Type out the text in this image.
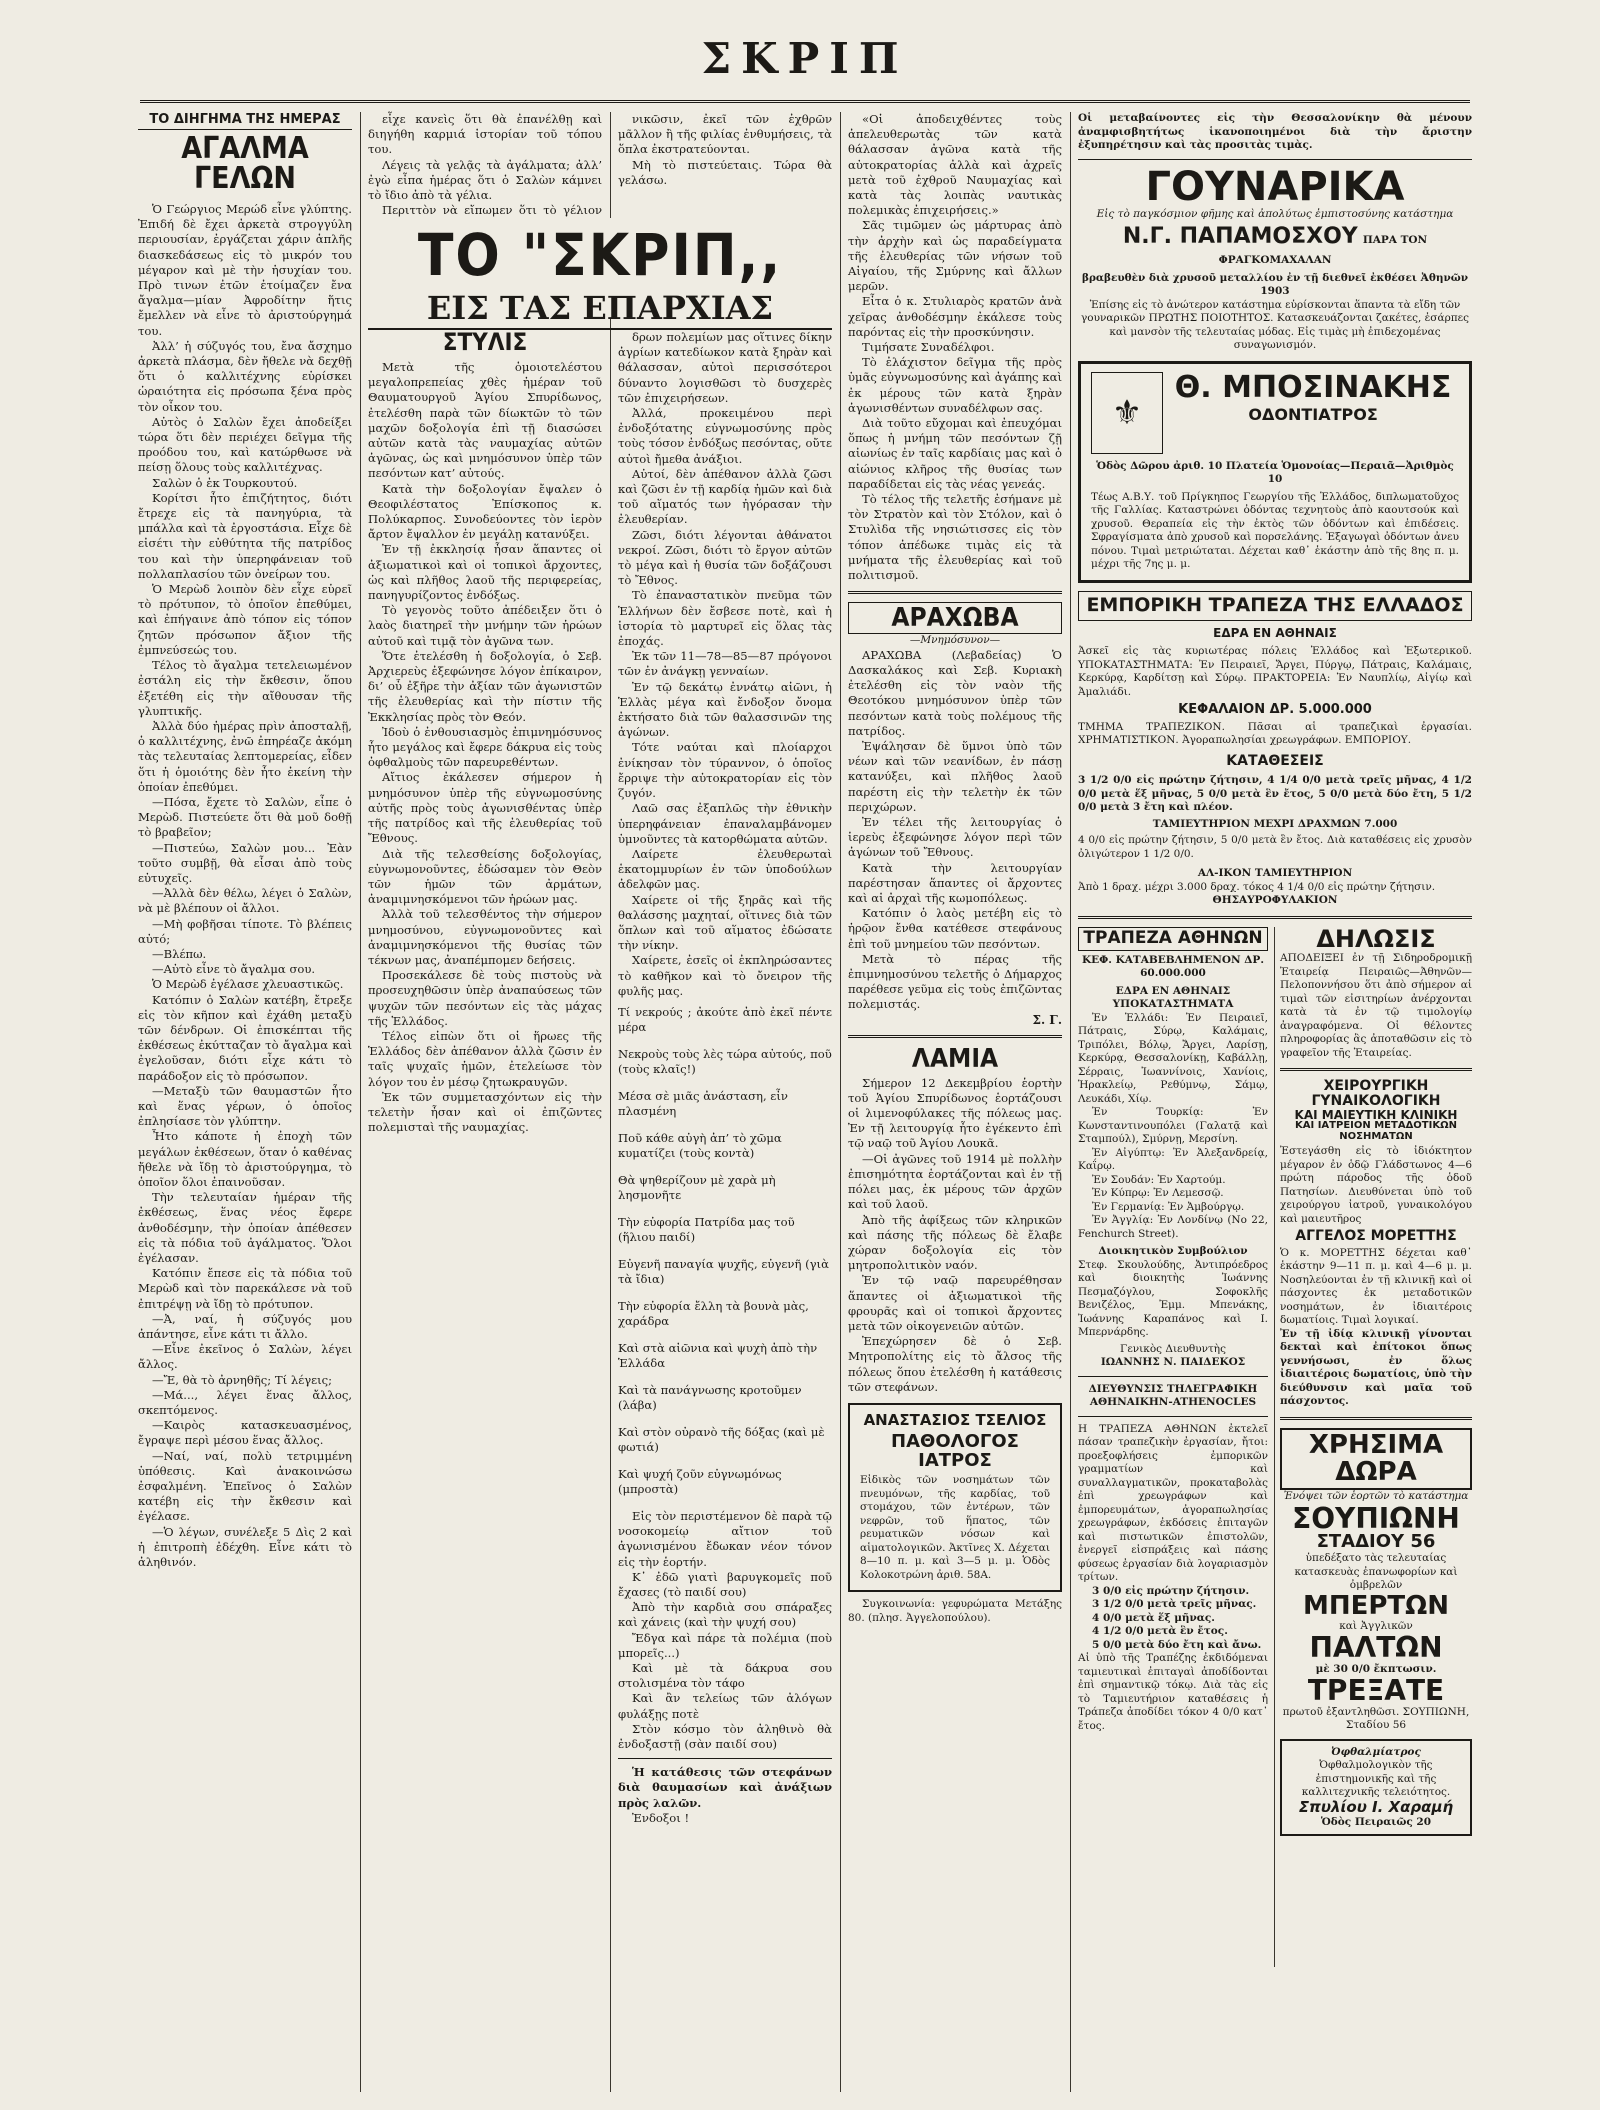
ΣΚΡΙΠ
ΤΟ ΔΙΗΓΗΜΑ ΤΗΣ ΗΜΕΡΑΣ
ΑΓΑΛΜΑ ΓΕΛΩΝ

Ὁ Γεώργιος Μερώδ εἶνε γλύπτης. Ἐπιδή δὲ ἔχει ἀρκετὰ στρογγύλη περιουσίαν, ἐργάζεται χάριν ἁπλῆς διασκεδάσεως εἰς τὸ μικρόν του μέγαρον καὶ μὲ τὴν ἡσυχίαν του. Πρὸ τινων ἐτῶν ἐτοίμαζεν ἔνα ἄγαλμα—μίαν Ἀφροδίτην ἥτις ἔμελλεν νὰ εἶνε τὸ ἀριστούργημά του.

Ἀλλ’ ἡ σύζυγός του, ἔνα ἄσχημο ἀρκετὰ πλάσμα, δὲν ἤθελε νὰ δεχθῇ ὅτι ὁ καλλιτέχνης εὑρίσκει ὡραιότητα εἰς πρόσωπα ξένα πρὸς τὸν οἶκον του.

Αὐτὸς ὁ Σαλὼν ἔχει ἀποδείξει τώρα ὅτι δὲν περιέχει δεῖγμα τῆς προόδου του, καὶ κατώρθωσε νὰ πείσῃ ὅλους τοὺς καλλιτέχνας.

Σαλὼν ὁ ἐκ Τουρκουτού.

Κορίτσι ἦτο ἐπιζήτητος, διότι ἔτρεχε εἰς τὰ πανηγύρια, τὰ μπάλλα καὶ τὰ ἐργοστάσια. Εἶχε δὲ εἰσέτι τὴν εὐθύτητα τῆς πατρίδος του καὶ τὴν ὑπερηφάνειαν τοῦ πολλαπλασίου τῶν ὀνείρων του.

Ὁ Μερὼδ λοιπὸν δὲν εἶχε εὑρεῖ τὸ πρότυπον, τὸ ὁποῖον ἐπεθύμει, καὶ ἐπήγαινε ἀπὸ τόπον εἰς τόπον ζητῶν πρόσωπον ἄξιον τῆς ἐμπνεύσεώς του.

Τέλος τὸ ἄγαλμα τετελειωμένον ἐστάλη εἰς τὴν ἔκθεσιν, ὅπου ἐξετέθη εἰς τὴν αἴθουσαν τῆς γλυπτικῆς.

Ἀλλὰ δύο ἡμέρας πρὶν ἀποσταλῇ, ὁ καλλιτέχνης, ἐνῶ ἐπηρέαζε ἀκόμη τὰς τελευταίας λεπτομερείας, εἶδεν ὅτι ἡ ὁμοιότης δὲν ἦτο ἐκείνη τὴν ὁποίαν ἐπεθύμει.

—Πόσα, ἔχετε τὸ Σαλὼν, εἶπε ὁ Μερὼδ. Πιστεύετε ὅτι θὰ μοῦ δοθῇ τὸ βραβεῖον;

—Πιστεύω, Σαλὼν μου... Ἐὰν τοῦτο συμβῇ, θὰ εἶσαι ἀπὸ τοὺς εὐτυχεῖς.

—Ἀλλὰ δὲν θέλω, λέγει ὁ Σαλὼν, νὰ μὲ βλέπουν οἱ ἄλλοι.

—Μὴ φοβῆσαι τίποτε. Τὸ βλέπεις αὐτό;

—Βλέπω.

—Αὐτὸ εἶνε τὸ ἄγαλμα σου.

Ὁ Μερὼδ ἐγέλασε χλευαστικῶς.

Κατόπιν ὁ Σαλὼν κατέβη, ἔτρεξε εἰς τὸν κῆπον καὶ ἐχάθη μεταξὺ τῶν δένδρων. Οἱ ἐπισκέπται τῆς ἐκθέσεως ἐκύτταζαν τὸ ἄγαλμα καὶ ἐγελοῦσαν, διότι εἶχε κάτι τὸ παράδοξον εἰς τὸ πρόσωπον.

—Μεταξὺ τῶν θαυμαστῶν ἦτο καὶ ἕνας γέρων, ὁ ὁποῖος ἐπλησίασε τὸν γλύπτην.

Ἦτο κάποτε ἡ ἐποχὴ τῶν μεγάλων ἐκθέσεων, ὅταν ὁ καθένας ἤθελε νὰ ἴδῃ τὸ ἀριστούργημα, τὸ ὁποῖον ὅλοι ἐπαινοῦσαν.

Τὴν τελευταίαν ἡμέραν τῆς ἐκθέσεως, ἕνας νέος ἔφερε ἀνθοδέσμην, τὴν ὁποίαν ἀπέθεσεν εἰς τὰ πόδια τοῦ ἀγάλματος. Ὅλοι ἐγέλασαν.

Κατόπιν ἔπεσε εἰς τὰ πόδια τοῦ Μερὼδ καὶ τὸν παρεκάλεσε νὰ τοῦ ἐπιτρέψῃ νὰ ἴδῃ τὸ πρότυπον.

—Ἀ, ναί, ἡ σύζυγός μου ἀπάντησε, εἶνε κάτι τι ἄλλο.

—Εἶνε ἐκεῖνος ὁ Σαλὼν, λέγει ἄλλος.

—Ἔ, θὰ τὸ ἀρνηθῆς; Τί λέγεις;

—Μά..., λέγει ἕνας ἄλλος, σκεπτόμενος.

—Καιρὸς κατασκευασμένος, ἔγραψε περὶ μέσου ἕνας ἄλλος.

—Ναί, ναί, πολὺ τετριμμένη ὑπόθεσις. Καὶ ἀνακοινώσω ἐσφαλμένη. Ἐπεῖνος ὁ Σαλὼν κατέβη εἰς τὴν ἔκθεσιν καὶ ἐγέλασε.

—Ὁ λέγων, συνέλεξε 5 Δὶς 2 καὶ ἡ ἐπιτροπὴ ἐδέχθη. Εἶνε κάτι τὸ ἀληθινόν.

εἶχε κανεὶς ὅτι θὰ ἐπανέλθῃ καὶ διηγήθη καρμιά ἱστορίαν τοῦ τόπου του.

Λέγεις τὰ γελᾷς τὰ ἀγάλματα; ἀλλ’ ἐγὼ εἶπα ἡμέρας ὅτι ὁ Σαλὼν κάμνει τὸ ἴδιο ἀπὸ τὰ γέλια.

Περιττὸν νὰ εἴπωμεν ὅτι τὸ γέλιον

νικῶσιν, ἐκεῖ τῶν ἐχθρῶν μᾶλλον ἢ τῆς φιλίας ἐνθυμήσεις, τὰ ὅπλα ἐκστρατεύονται.

Μὴ τὸ πιστεύεταις. Τώρα θὰ γελάσω.

ΤΟ "ΣΚΡΙΠ,,
ΕΙΣ ΤΑΣ ΕΠΑΡΧΙΑΣ
ΣΤΥΛΙΣ

Μετὰ τῆς ὁμοιοτελέστου μεγαλοπρεπείας χθὲς ἡμέραν τοῦ Θαυματουργοῦ Ἁγίου Σπυρίδωνος, ἐτελέσθη παρὰ τῶν δίωκτῶν τὸ τῶν μαχῶν δοξολογία ἐπὶ τῇ διασώσει αὐτῶν κατὰ τὰς ναυμαχίας αὐτῶν ἀγῶνας, ὡς καὶ μνημόσυνον ὑπὲρ τῶν πεσόντων κατ’ αὐτούς.

Κατὰ τὴν δοξολογίαν ἔψαλεν ὁ Θεοφιλέστατος Ἐπίσκοπος κ. Πολύκαρπος. Συνοδεύοντες τὸν ἱερὸν ἄρτον ἔψαλλον ἐν μεγάλῃ κατανύξει.

Ἐν τῇ ἐκκλησίᾳ ἦσαν ἅπαντες οἱ ἀξιωματικοὶ καὶ οἱ τοπικοὶ ἄρχοντες, ὡς καὶ πλῆθος λαοῦ τῆς περιφερείας, πανηγυρίζοντος ἐνδόξως.

Τὸ γεγονὸς τοῦτο ἀπέδειξεν ὅτι ὁ λαὸς διατηρεῖ τὴν μνήμην τῶν ἡρώων αὐτοῦ καὶ τιμᾷ τὸν ἀγῶνα των.

Ὅτε ἐτελέσθη ἡ δοξολογία, ὁ Σεβ. Ἀρχιερεὺς ἐξεφώνησε λόγον ἐπίκαιρον, δι’ οὗ ἐξῆρε τὴν ἀξίαν τῶν ἀγωνιστῶν τῆς ἐλευθερίας καὶ τὴν πίστιν τῆς Ἐκκλησίας πρὸς τὸν Θεόν.

Ἰδοὺ ὁ ἐνθουσιασμὸς ἐπιμνημόσυνος ἦτο μεγάλος καὶ ἔφερε δάκρυα εἰς τοὺς ὀφθαλμοὺς τῶν παρευρεθέντων.

Αἴτιος ἐκάλεσεν σήμερον ἡ μνημόσυνον ὑπὲρ τῆς εὐγνωμοσύνης αὐτῆς πρὸς τοὺς ἀγωνισθέντας ὑπὲρ τῆς πατρίδος καὶ τῆς ἐλευθερίας τοῦ Ἔθνους.

Διὰ τῆς τελεσθείσης δοξολογίας, εὐγνωμονοῦντες, ἐδώσαμεν τὸν Θεὸν τῶν ἡμῶν τῶν ἀρμάτων, ἀναμιμνησκόμενοι τῶν ἡρώων μας.

Ἀλλὰ τοῦ τελεσθέντος τὴν σήμερον μνημοσύνου, εὐγνωμονοῦντες καὶ ἀναμιμνησκόμενοι τῆς θυσίας τῶν τέκνων μας, ἀναπέμπομεν δεήσεις.

Προσεκάλεσε δὲ τοὺς πιστοὺς νὰ προσευχηθῶσιν ὑπὲρ ἀναπαύσεως τῶν ψυχῶν τῶν πεσόντων εἰς τὰς μάχας τῆς Ἑλλάδος.

Τέλος εἰπὼν ὅτι οἱ ἥρωες τῆς Ἑλλάδος δὲν ἀπέθανον ἀλλὰ ζῶσιν ἐν ταῖς ψυχαῖς ἡμῶν, ἐτελείωσε τὸν λόγον του ἐν μέσῳ ζητωκραυγῶν.

Ἐκ τῶν συμμετασχόντων εἰς τὴν τελετὴν ἦσαν καὶ οἱ ἐπιζῶντες πολεμισταὶ τῆς ναυμαχίας.

δρων πολεμίων μας οἵτινες δίκην ἀγρίων κατεδίωκον κατὰ ξηρὰν καὶ θάλασσαν, αὐτοὶ περισσότεροι δύναντο λογισθῶσι τὸ δυσχερὲς τῶν ἐπιχειρήσεων.

Ἀλλά, προκειμένου περὶ ἐνδοξότατης εὐγνωμοσύνης πρὸς τοὺς τόσον ἐνδόξως πεσόντας, οὔτε αὐτοὶ ἤμεθα ἀνάξιοι.

Αὐτοί, δὲν ἀπέθανον ἀλλὰ ζῶσι καὶ ζῶσι ἐν τῇ καρδίᾳ ἡμῶν καὶ διὰ τοῦ αἵματός των ἠγόρασαν τὴν ἐλευθερίαν.

Ζῶσι, διότι λέγονται ἀθάνατοι νεκροί. Ζῶσι, διότι τὸ ἔργον αὐτῶν τὸ μέγα καὶ ἡ θυσία τῶν δοξάζουσι τὸ Ἔθνος.

Τὸ ἐπαναστατικὸν πνεῦμα τῶν Ἑλλήνων δὲν ἔσβεσε ποτὲ, καὶ ἡ ἱστορία τὸ μαρτυρεῖ εἰς ὅλας τὰς ἐποχάς.

Ἐκ τῶν 11—78—85—87 πρόγονοι τῶν ἐν ἀνάγκῃ γενναίων.

Ἐν τῷ δεκάτῳ ἐννάτῳ αἰῶνι, ἡ Ἑλλὰς μέγα καὶ ἔνδοξον ὄνομα ἐκτήσατο διὰ τῶν θαλασσινῶν της ἀγώνων.

Τότε ναύται καὶ πλοίαρχοι ἐνίκησαν τὸν τύραννον, ὁ ὁποῖος ἔρριψε τὴν αὐτοκρατορίαν εἰς τὸν ζυγόν.

Λαῶ σας ἐξαπλῶς τὴν ἐθνικὴν ὑπερηφάνειαν ἐπαναλαμβάνομεν ὑμνοῦντες τὰ κατορθώματα αὐτῶν.

Λαίρετε ἐλευθερωταὶ ἑκατομμυρίων ἐν τῶν ὑποδούλων ἀδελφῶν μας.

Χαίρετε οἱ τῆς ξηρᾶς καὶ τῆς θαλάσσης μαχηταί, οἵτινες διὰ τῶν ὅπλων καὶ τοῦ αἵματος ἐδώσατε τὴν νίκην.

Χαίρετε, ἐσεῖς οἱ ἐκπληρώσαντες τὸ καθῆκον καὶ τὸ ὄνειρον τῆς φυλῆς μας.

Τί νεκρούς ; ἀκούτε ἀπὸ ἐκεῖ πέντε μέρα

Νεκροὺς τοὺς λὲς τώρα αὐτούς, ποῦ (τοὺς κλαῖς!)

Μέσα σὲ μιᾶς ἀνάσταση, εἶν πλασμένη

Ποῦ κάθε αὐγὴ ἀπ’ τὸ χῶμα κυματίζει (τοὺς κοντὰ)

Θὰ ψηθερίζουν μὲ χαρὰ μὴ λησμονῆτε

Τὴν εὐφορία Πατρίδα μας τοῦ (ἥλιου παιδί)

Εὐγενῆ παναγία ψυχῆς, εὐγενῆ (γιὰ τὰ ἴδια)

Τὴν εὐφορία ἔλλη τὰ βουνὰ μὰς, χαράδρα

Καὶ στὰ αἰῶνια καὶ ψυχὴ ἀπὸ τὴν Ἑλλάδα

Καὶ τὰ πανάγνωσης κροτοῦμεν (λάβα)

Καὶ στὸν οὐρανὸ τῆς δόξας (καὶ μὲ φωτιά)

Καὶ ψυχή ζοῦν εὐγνωμόνως (μπροστὰ)

Εἰς τὸν περιστέμενον δὲ παρὰ τῷ νοσοκομείῳ αἴτιον τοῦ ἀγωνισμένου ἔδωκαν νέον τόνον εἰς τὴν ἑορτήν.

Κ᾽ ἐδῶ γιατὶ βαρυγκομεῖς ποῦ ἔχασες (τὸ παιδί σου)

Ἀπὸ τὴν καρδιὰ σου σπάραξες καὶ χάνεις (καὶ τὴν ψυχή σου)

Ἔδγα καὶ πάρε τὰ πολέμια (ποὺ μπορεῖς...)

Καὶ μὲ τὰ δάκρυα σου στολισμένα τὸν τάφο

Καὶ ἂν τελείως τῶν ἀλόγων φυλάξῃς ποτὲ

Στὸν κόσμο τὸν ἀληθινὸ θὰ ἐνδοξαστῇ (σὰν παιδί σου)

Ἡ κατάθεσις τῶν στεφάνων διὰ θαυμασίων καὶ ἀνάξιων πρὸς λαλῶν.
Ἐνδοξοι !

«Οἱ ἀποδειχθέντες τοὺς ἀπελευθερωτὰς τῶν κατὰ θάλασσαν ἀγῶνα κατὰ τῆς αὐτοκρατορίας ἀλλὰ καὶ ἀχρεῖς μετὰ τοῦ ἐχθροῦ Ναυμαχίας καὶ κατὰ τὰς λοιπὰς ναυτικὰς πολεμικὰς ἐπιχειρήσεις.»

Σᾶς τιμῶμεν ὡς μάρτυρας ἀπὸ τὴν ἀρχὴν καὶ ὡς παραδείγματα τῆς ἐλευθερίας τῶν νήσων τοῦ Αἰγαίου, τῆς Σμύρνης καὶ ἄλλων μερῶν.

Εἶτα ὁ κ. Στυλιαρὸς κρατῶν ἀνὰ χεῖρας ἀνθοδέσμην ἐκάλεσε τοὺς παρόντας εἰς τὴν προσκύνησιν.

Τιμήσατε Συναδέλφοι.

Τὸ ἐλάχιστον δεῖγμα τῆς πρὸς ὑμᾶς εὐγνωμοσύνης καὶ ἀγάπης καὶ ἐκ μέρους τῶν κατὰ ξηρὰν ἀγωνισθέντων συναδέλφων σας.

Διὰ τοῦτο εὔχομαι καὶ ἐπευχόμαι ὅπως ἡ μνήμη τῶν πεσόντων ζῇ αἰωνίως ἐν ταῖς καρδίαις μας καὶ ὁ αἰώνιος κλῆρος τῆς θυσίας των παραδίδεται εἰς τὰς νέας γενεάς.

Τὸ τέλος τῆς τελετῆς ἐσήμανε μὲ τὸν Στρατὸν καὶ τὸν Στόλον, καὶ ὁ Στυλὶδα τῆς νησιώτισσες εἰς τὸν τόπον ἀπέδωκε τιμὰς εἰς τὰ μνήματα τῆς ἐλευθερίας καὶ τοῦ πολιτισμοῦ.

ΑΡΑΧΩΒΑ
—Μνημόσυνον—

ΑΡΑΧΩΒΑ (Λεβαδείας) Ὁ Δασκαλάκος καὶ Σεβ. Κυριακὴ ἐτελέσθη εἰς τὸν ναὸν τῆς Θεοτόκου μνημόσυνον ὑπὲρ τῶν πεσόντων κατὰ τοὺς πολέμους τῆς πατρίδος.

Ἐψάλησαν δὲ ὕμνοι ὑπὸ τῶν νέων καὶ τῶν νεανίδων, ἐν πάσῃ κατανύξει, καὶ πλῆθος λαοῦ παρέστη εἰς τὴν τελετὴν ἐκ τῶν περιχώρων.

Ἐν τέλει τῆς λειτουργίας ὁ ἱερεὺς ἐξεφώνησε λόγον περὶ τῶν ἀγώνων τοῦ Ἔθνους.

Κατὰ τὴν λειτουργίαν παρέστησαν ἅπαντες οἱ ἄρχοντες καὶ αἱ ἀρχαὶ τῆς κωμοπόλεως.

Κατόπιν ὁ λαὸς μετέβη εἰς τὸ ἡρῷον ἔνθα κατέθεσε στεφάνους ἐπὶ τοῦ μνημείου τῶν πεσόντων.

Μετὰ τὸ πέρας τῆς ἐπιμνημοσύνου τελετῆς ὁ Δήμαρχος παρέθεσε γεῦμα εἰς τοὺς ἐπιζῶντας πολεμιστάς.

Σ. Γ.
ΛΑΜΙΑ

Σήμερον 12 Δεκεμβρίου ἑορτὴν τοῦ Ἁγίου Σπυρίδωνος ἑορτάζουσι οἱ λιμενοφύλακες τῆς πόλεως μας. Ἐν τῇ λειτουργίᾳ ἦτο ἐγέκεντο ἐπὶ τῷ ναῷ τοῦ Ἁγίου Λουκᾶ.

—Οἱ ἀγῶνες τοῦ 1914 μὲ πολλὴν ἐπισημότητα ἑορτάζονται καὶ ἐν τῇ πόλει μας, ἐκ μέρους τῶν ἀρχῶν καὶ τοῦ λαοῦ.

Ἀπὸ τῆς ἀφίξεως τῶν κληρικῶν καὶ πάσης τῆς πόλεως δὲ ἔλαβε χώραν δοξολογία εἰς τὸν μητροπολιτικὸν ναόν.

Ἐν τῷ ναῷ παρευρέθησαν ἅπαντες οἱ ἀξιωματικοὶ τῆς φρουρᾶς καὶ οἱ τοπικοὶ ἄρχοντες μετὰ τῶν οἰκογενειῶν αὐτῶν.

Ἐπεχώρησεν δὲ ὁ Σεβ. Μητροπολίτης εἰς τὸ ἄλσος τῆς πόλεως ὅπου ἐτελέσθη ἡ κατάθεσις τῶν στεφάνων.

ΑΝΑΣΤΑΣΙΟΣ ΤΣΕΛΙΟΣ
ΠΑΘΟΛΟΓΟΣ ΙΑΤΡΟΣ
Εἰδικὸς τῶν νοσημάτων τῶν πνευμόνων, τῆς καρδίας, τοῦ στομάχου, τῶν ἐντέρων, τῶν νεφρῶν, τοῦ ἥπατος, τῶν ρευματικῶν νόσων καὶ αἱματολογικῶν. Ἀκτῖνες Χ. Δέχεται 8—10 π. μ. καὶ 3—5 μ. μ. Ὁδὸς Κολοκοτρώνη ἀριθ. 58Α.
Συγκοινωνία: γεφυρώματα Μετάξης 80. (πλησ. Ἀγγελοπούλου).
Οἱ μεταβαίνοντες εἰς τὴν Θεσσαλονίκην θὰ μένουν ἀναμφισβητήτως ἱκανοποιημένοι διὰ τὴν ἄριστην ἐξυπηρέτησιν καὶ τὰς προσιτὰς τιμὰς.
ΓΟΥΝΑΡΙΚΑ
Εἰς τὸ παγκόσμιον φῆμης καὶ ἀπολύτως ἐμπιστοσύνης κατάστημα
Ν.Γ. ΠΑΠΑΜΟΣΧΟΥ ΠΑΡΑ ΤΟΝ ΦΡΑΓΚΟΜΑΧΑΛΑΝ
βραβευθὲν διὰ χρυσοῦ μεταλλίου ἐν τῇ διεθνεῖ ἐκθέσει Ἀθηνῶν 1903
Ἐπίσης εἰς τὸ ἀνώτερον κατάστημα εὑρίσκονται ἅπαντα τὰ εἴδη τῶν γουναρικῶν ΠΡΩΤΗΣ ΠΟΙΟΤΗΤΟΣ. Κατασκευάζονται ζακέτες, ἐσάρπες καὶ μανσὸν τῆς τελευταίας μόδας. Εἰς τιμὰς μὴ ἐπιδεχομένας συναγωνισμόν.
⚜
Θ. ΜΠΟΣΙΝΑΚΗΣ
ΟΔΟΝΤΙΑΤΡΟΣ
Ὁδὸς Δῶρου ἀριθ. 10 Πλατεία Ὁμονοίας—Περαιᾶ—Ἀριθμὸς 10
Τέως Α.Β.Υ. τοῦ Πρίγκηπος Γεωργίου τῆς Ἑλλάδος, διπλωματοῦχος τῆς Γαλλίας. Καταστρώνει ὀδόντας τεχνητοὺς ἀπὸ καουτσούκ καὶ χρυσοῦ. Θεραπεία εἰς τὴν ἐκτὸς τῶν ὀδόντων καὶ ἐπιδέσεις. Σφραγίσματα ἀπὸ χρυσοῦ καὶ πορσελάνης. Ἐξαγωγαὶ ὀδόντων ἀνευ πόνου. Τιμαὶ μετριώταται. Δέχεται καθ᾽ ἑκάστην ἀπὸ τῆς 8ης π. μ. μέχρι τῆς 7ης μ. μ.
ΕΜΠΟΡΙΚΗ ΤΡΑΠΕΖΑ ΤΗΣ ΕΛΛΑΔΟΣ
ΕΔΡΑ ΕΝ ΑΘΗΝΑΙΣ
Ἀσκεῖ εἰς τὰς κυριωτέρας πόλεις Ἑλλάδος καὶ Ἐξωτερικοῦ. ΥΠΟΚΑΤΑΣΤΗΜΑΤΑ: Ἐν Πειραιεῖ, Ἄργει, Πύργῳ, Πάτραις, Καλάμαις, Κερκύρᾳ, Καρδίτσῃ καὶ Σύρῳ. ΠΡΑΚΤΟΡΕΙΑ: Ἐν Ναυπλίῳ, Αἰγίῳ καὶ Ἀμαλιάδι.
ΚΕΦΑΛΑΙΟΝ ΔΡ. 5.000.000
ΤΜΗΜΑ ΤΡΑΠΕΖΙΚΟΝ. Πᾶσαι αἱ τραπεζικαὶ ἐργασίαι. ΧΡΗΜΑΤΙΣΤΙΚΟΝ. Ἀγοραπωλησίαι χρεωγράφων. ΕΜΠΟΡΙΟΥ.
ΚΑΤΑΘΕΣΕΙΣ
3 1/2 0/0 εἰς πρώτην ζήτησιν, 4 1/4 0/0 μετὰ τρεῖς μῆνας, 4 1/2 0/0 μετὰ ἕξ μῆνας, 5 0/0 μετὰ ἓν ἔτος, 5 0/0 μετὰ δύο ἔτη, 5 1/2 0/0 μετὰ 3 ἔτη καὶ πλέον.
ΤΑΜΙΕΥΤΗΡΙΟΝ ΜΕΧΡΙ ΔΡΑΧΜΩΝ 7.000
4 0/0 εἰς πρώτην ζήτησιν, 5 0/0 μετὰ ἓν ἔτος. Διὰ καταθέσεις εἰς χρυσὸν ὀλιγώτερον 1 1/2 0/0.
ΑΛ-ΙΚΟΝ ΤΑΜΙΕΥΤΗΡΙΟΝ
Ἀπὸ 1 δραχ. μέχρι 3.000 δραχ. τόκος 4 1/4 0/0 εἰς πρώτην ζήτησιν.
ΘΗΣΑΥΡΟΦΥΛΑΚΙΟΝ
ΤΡΑΠΕΖΑ ΑΘΗΝΩΝ
ΚΕΦ. ΚΑΤΑΒΕΒΛΗΜΕΝΟΝ ΔΡ. 60.000.000
ΕΔΡΑ ΕΝ ΑΘΗΝΑΙΣ
ΥΠΟΚΑΤΑΣΤΗΜΑΤΑ

Ἐν Ἑλλάδι: Ἐν Πειραιεῖ, Πάτραις, Σύρῳ, Καλάμαις, Τριπόλει, Βόλῳ, Ἄργει, Λαρίσῃ, Κερκύρᾳ, Θεσσαλονίκῃ, Καβάλλῃ, Σέρραις, Ἰωαννίνοις, Χανίοις, Ἡρακλείῳ, Ρεθύμνῳ, Σάμῳ, Λευκάδι, Χίῳ.

Ἐν Τουρκίᾳ: Ἐν Κωνσταντινουπόλει (Γαλατᾷ καὶ Σταμπούλ), Σμύρνῃ, Μερσίνη.

Ἐν Αἰγύπτῳ: Ἐν Ἀλεξανδρείᾳ, Καΐρῳ.

Ἐν Σουδάν: Ἐν Χαρτούμ.

Ἐν Κύπρῳ: Ἐν Λεμεσσῷ.

Ἐν Γερμανίᾳ: Ἐν Ἀμβούργῳ.

Ἐν Ἀγγλίᾳ: Ἐν Λονδίνῳ (Νο 22, Fenchurch Street).

Διοικητικὸν Συμβούλιον
Στεφ. Σκουλούδης, Ἀντιπρόεδρος καὶ διοικητὴς Ἰωάννης Πεσμαζόγλου, Σοφοκλῆς Βενιζέλος, Ἐμμ. Μπενάκης, Ἰωάννης Καραπάνος καὶ Ι. Μπερνάρδης.
Γενικὸς Διευθυντὴς
ΙΩΑΝΝΗΣ Ν. ΠΑΙΔΕΚΟΣ
ΔΙΕΥΘΥΝΣΙΣ ΤΗΛΕΓΡΑΦΙΚΗ
ΑΘΗΝΑΙΚΗΝ-ATHENOCLES
Η ΤΡΑΠΕΖΑ ΑΘΗΝΩΝ ἐκτελεῖ πάσαν τραπεζικὴν ἐργασίαν, ἤτοι: προεξοφλήσεις ἐμπορικῶν γραμματίων καὶ συναλλαγματικῶν, προκαταβολὰς ἐπὶ χρεωγράφων καὶ ἐμπορευμάτων, ἀγοραπωλησίας χρεωγράφων, ἐκδόσεις ἐπιταγῶν καὶ πιστωτικῶν ἐπιστολῶν, ἐνεργεῖ εἰσπράξεις καὶ πάσης φύσεως ἐργασίαν διὰ λογαριασμὸν τρίτων.

3 0/0 εἰς πρώτην ζήτησιν.

3 1/2 0/0 μετὰ τρεῖς μῆνας.

4 0/0 μετὰ ἕξ μῆνας.

4 1/2 0/0 μετὰ ἓν ἔτος.

5 0/0 μετὰ δύο ἔτη καὶ ἄνω.

Αἱ ὑπὸ τῆς Τραπέζης ἐκδιδόμεναι ταμιευτικαὶ ἐπιταγαὶ ἀποδίδονται ἐπὶ σημαντικῷ τόκῳ. Διὰ τὰς εἰς τὸ Ταμιευτήριον καταθέσεις ἡ Τράπεζα ἀποδίδει τόκον 4 0/0 κατ᾽ ἔτος.
ΔΗΛΩΣΙΣ
ΑΠΟΔΕΙΞΕΙ ἐν τῇ Σιδηροδρομικῇ Ἐταιρείᾳ Πειραιῶς—Ἀθηνῶν—Πελοποννήσου ὅτι ἀπὸ σήμερον αἱ τιμαὶ τῶν εἰσιτηρίων ἀνέρχονται κατὰ τὰ ἐν τῷ τιμολογίῳ ἀναγραφόμενα. Οἱ θέλοντες πληροφορίας ἂς ἀποταθῶσιν εἰς τὸ γραφεῖον τῆς Ἐταιρείας.
ΧΕΙΡΟΥΡΓΙΚΗ ΓΥΝΑΙΚΟΛΟΓΙΚΗ
ΚΑΙ ΜΑΙΕΥΤΙΚΗ ΚΛΙΝΙΚΗ
ΚΑΙ ΙΑΤΡΕΙΟΝ ΜΕΤΑΔΟΤΙΚΩΝ ΝΟΣΗΜΑΤΩΝ
Ἐστεγάσθη εἰς τὸ ἰδιόκτητον μέγαρον ἐν ὁδῷ Γλάδστωνος 4—6 πρώτη πάροδος τῆς ὁδοῦ Πατησίων. Διευθύνεται ὑπὸ τοῦ χειρούργου ἰατροῦ, γυναικολόγου καὶ μαιευτῆρος
ΑΓΓΕΛΟΣ ΜΟΡΕΤΤΗΣ
Ὁ κ. ΜΟΡΕΤΤΗΣ δέχεται καθ᾽ ἑκάστην 9—11 π. μ. καὶ 4—6 μ. μ. Νοσηλεύονται ἐν τῇ κλινικῇ καὶ οἱ πάσχοντες ἐκ μεταδοτικῶν νοσημάτων, ἐν ἰδιαιτέροις δωματίοις. Τιμαὶ λογικαί.
Ἐν τῇ ἰδίᾳ κλινικῇ γίνονται δεκταὶ καὶ ἐπίτοκοι ὅπως γεννήσωσι, ἐν ὅλως ἰδιαιτέροις δωματίοις, ὑπὸ τὴν διεύθυνσιν καὶ μαῖα τοῦ πάσχοντος.
ΧΡΗΣΙΜΑ ΔΩΡΑ
Ἐνόψει τῶν ἑορτῶν τὸ κατάστημα
ΣΟΥΠΙΩΝΗ
ΣΤΑΔΙΟΥ 56
ὑπεδέξατο τὰς τελευταίας κατασκευὰς ἐπανωφορίων καὶ ὀμβρελῶν
ΜΠΕΡΤΩΝ
καὶ Ἀγγλικῶν
ΠΑΛΤΩΝ
μὲ 30 0/0 ἔκπτωσιν.
ΤΡΕΞΑΤΕ
πρωτοῦ ἐξαντληθῶσι. ΣΟΥΠΙΩΝΗ, Σταδίου 56
Ὀφθαλμίατρος
Ὀφθαλμολογικὸν τῆς ἐπιστημονικῆς καὶ τῆς καλλιτεχνικῆς τελειότητος.
Σπυλίου Ι. Χαραμή
Ὁδὸς Πειραιῶς 20
